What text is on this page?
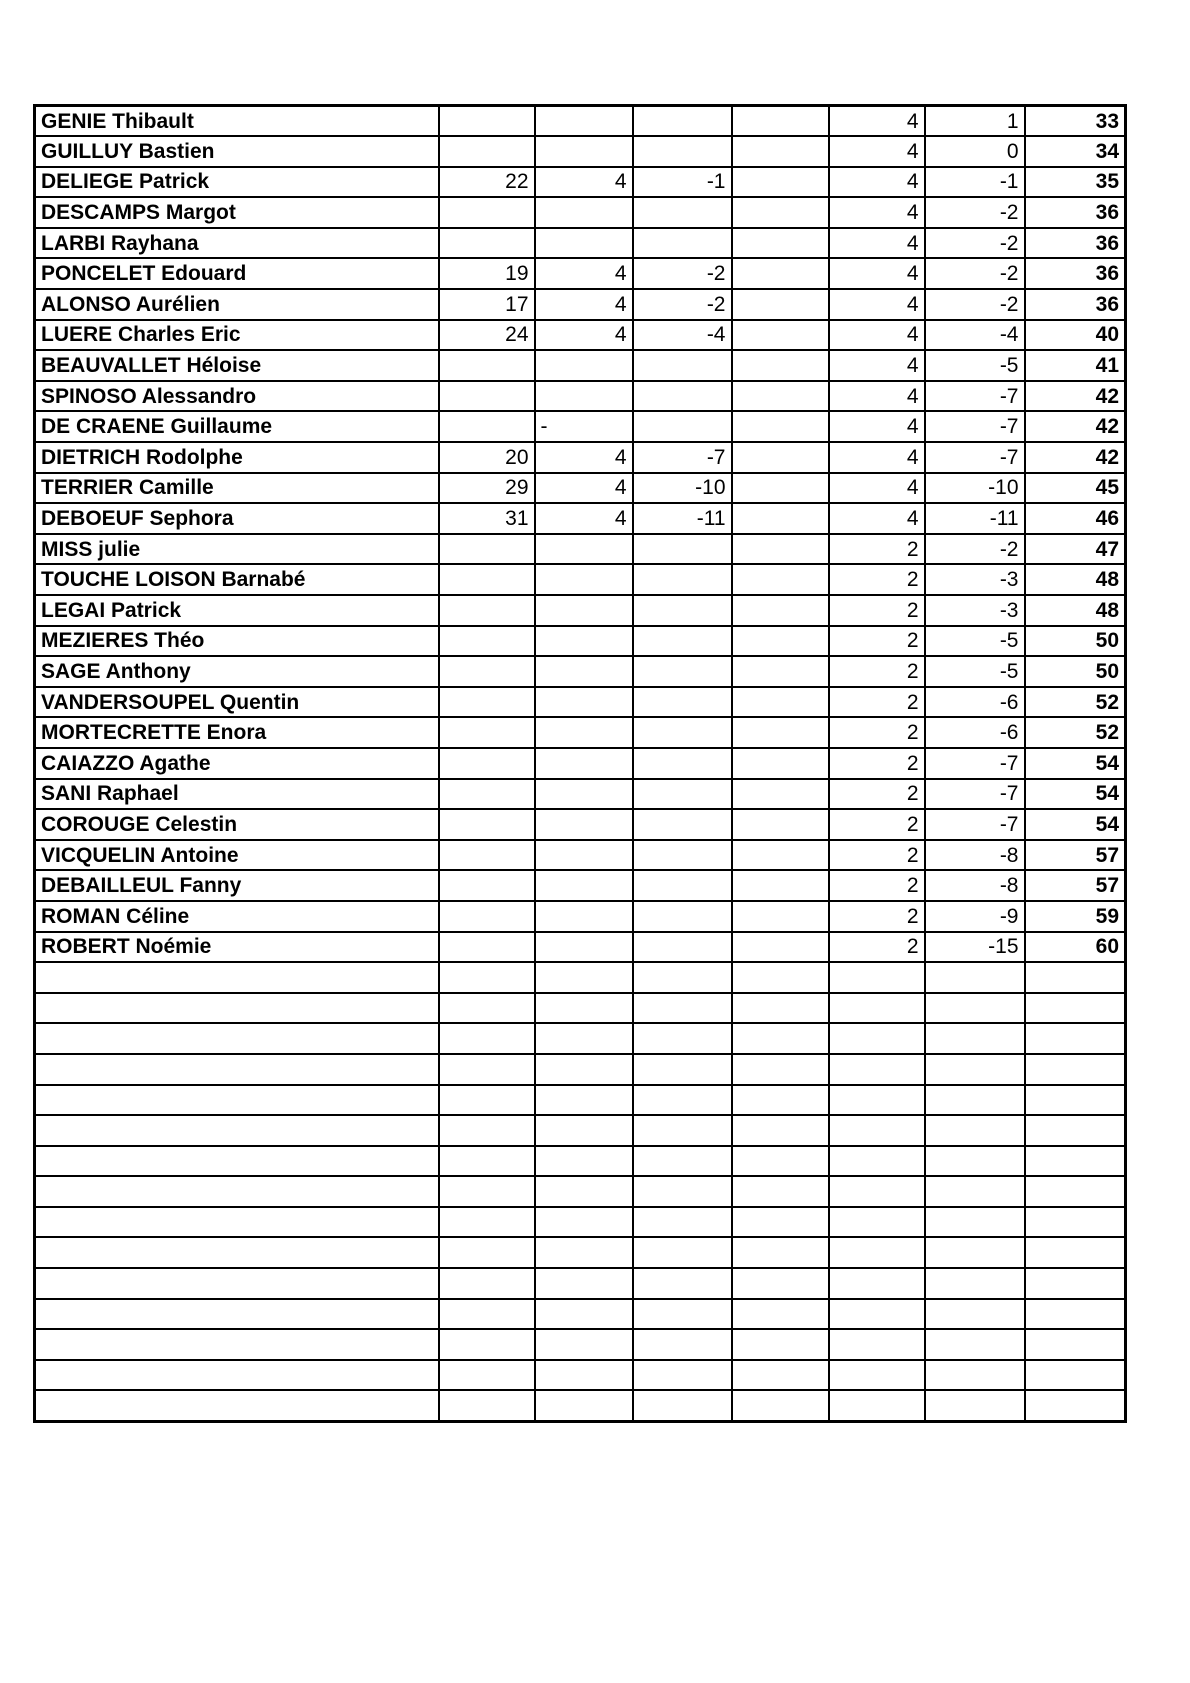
GENIE Thibault					4	1	33
GUILLUY Bastien					4	0	34
DELIEGE Patrick	22	4	-1		4	-1	35
DESCAMPS Margot					4	-2	36
LARBI Rayhana					4	-2	36
PONCELET Edouard	19	4	-2		4	-2	36
ALONSO Aurélien	17	4	-2		4	-2	36
LUERE Charles Eric	24	4	-4		4	-4	40
BEAUVALLET Héloise					4	-5	41
SPINOSO Alessandro					4	-7	42
DE CRAENE Guillaume		-			4	-7	42
DIETRICH Rodolphe	20	4	-7		4	-7	42
TERRIER Camille	29	4	-10		4	-10	45
DEBOEUF Sephora	31	4	-11		4	-11	46
MISS julie					2	-2	47
TOUCHE LOISON Barnabé					2	-3	48
LEGAI Patrick					2	-3	48
MEZIERES Théo					2	-5	50
SAGE Anthony					2	-5	50
VANDERSOUPEL Quentin					2	-6	52
MORTECRETTE Enora					2	-6	52
CAIAZZO Agathe					2	-7	54
SANI Raphael					2	-7	54
COROUGE Celestin					2	-7	54
VICQUELIN Antoine					2	-8	57
DEBAILLEUL Fanny					2	-8	57
ROMAN Céline					2	-9	59
ROBERT Noémie					2	-15	60
